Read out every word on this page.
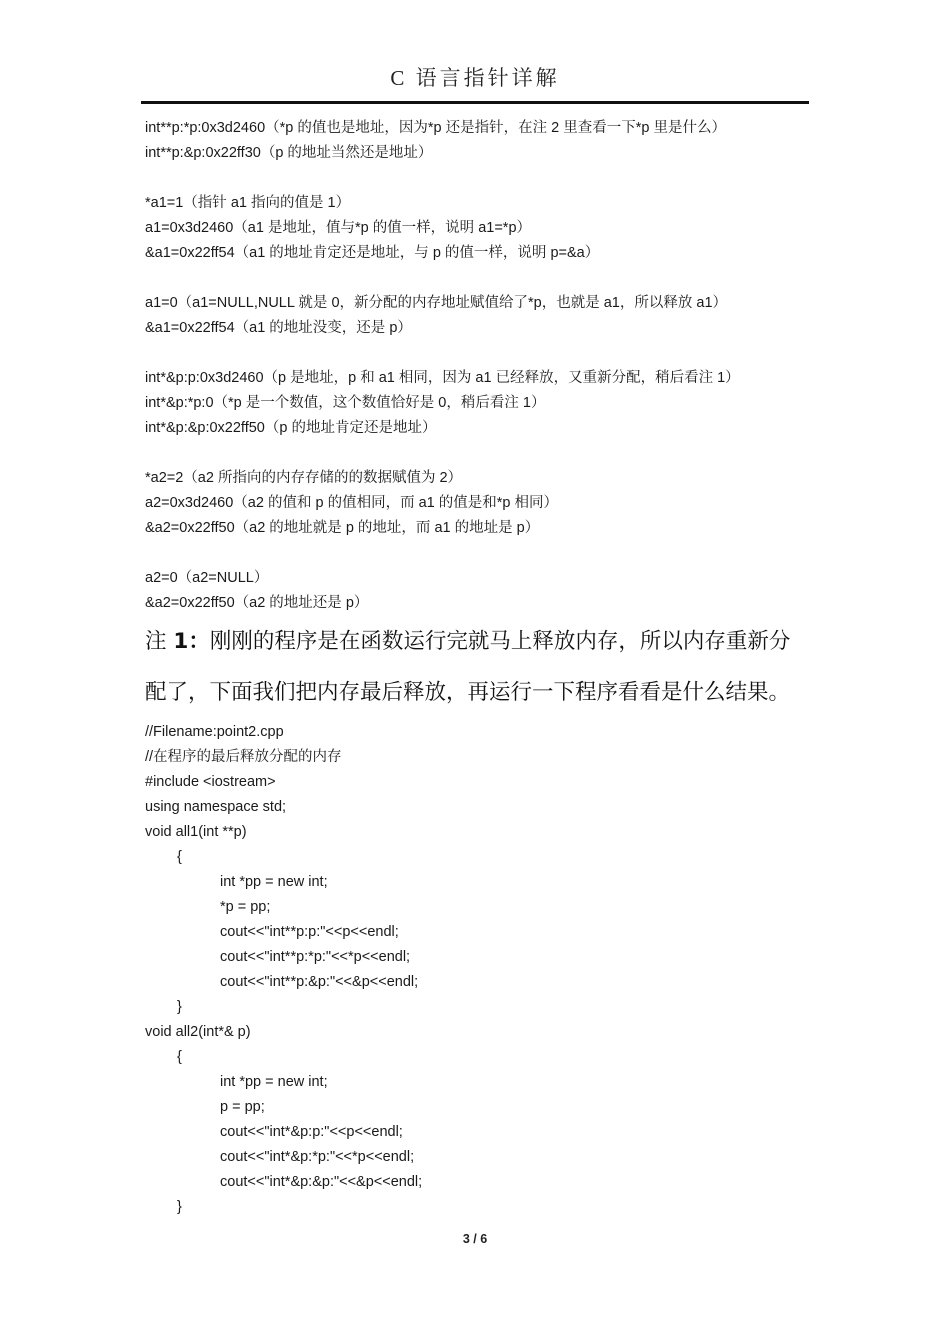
C 语言指针详解
int**p:*p:0x3d2460（*p 的值也是地址，因为*p 还是指针，在注 2 里查看一下*p 里是什么）
int**p:&p:0x22ff30（p 的地址当然还是地址）
*a1=1（指针 a1 指向的值是 1）
a1=0x3d2460（a1 是地址，值与*p 的值一样，说明 a1=*p）
&a1=0x22ff54（a1 的地址肯定还是地址，与 p 的值一样，说明 p=&a）
a1=0（a1=NULL,NULL 就是 0，新分配的内存地址赋值给了*p，也就是 a1，所以释放 a1）
&a1=0x22ff54（a1 的地址没变，还是 p）
int*&p:p:0x3d2460（p 是地址，p 和 a1 相同，因为 a1 已经释放，又重新分配，稍后看注 1）
int*&p:*p:0（*p 是一个数值，这个数值恰好是 0，稍后看注 1）
int*&p:&p:0x22ff50（p 的地址肯定还是地址）
*a2=2（a2 所指向的内存存储的的数据赋值为 2）
a2=0x3d2460（a2 的值和 p 的值相同，而 a1 的值是和*p 相同）
&a2=0x22ff50（a2 的地址就是 p 的地址，而 a1 的地址是 p）
a2=0（a2=NULL）
&a2=0x22ff50（a2 的地址还是 p）
注 1：刚刚的程序是在函数运行完就马上释放内存，所以内存重新分
配了，下面我们把内存最后释放，再运行一下程序看看是什么结果。
//Filename:point2.cpp
//在程序的最后释放分配的内存
#include <iostream>
using namespace std;
void all1(int **p)
{
int *pp = new int;
*p = pp;
cout<<"int**p:p:"<<p<<endl;
cout<<"int**p:*p:"<<*p<<endl;
cout<<"int**p:&p:"<<&p<<endl;
}
void all2(int*& p)
{
int *pp = new int;
p = pp;
cout<<"int*&p:p:"<<p<<endl;
cout<<"int*&p:*p:"<<*p<<endl;
cout<<"int*&p:&p:"<<&p<<endl;
}
3 / 6
